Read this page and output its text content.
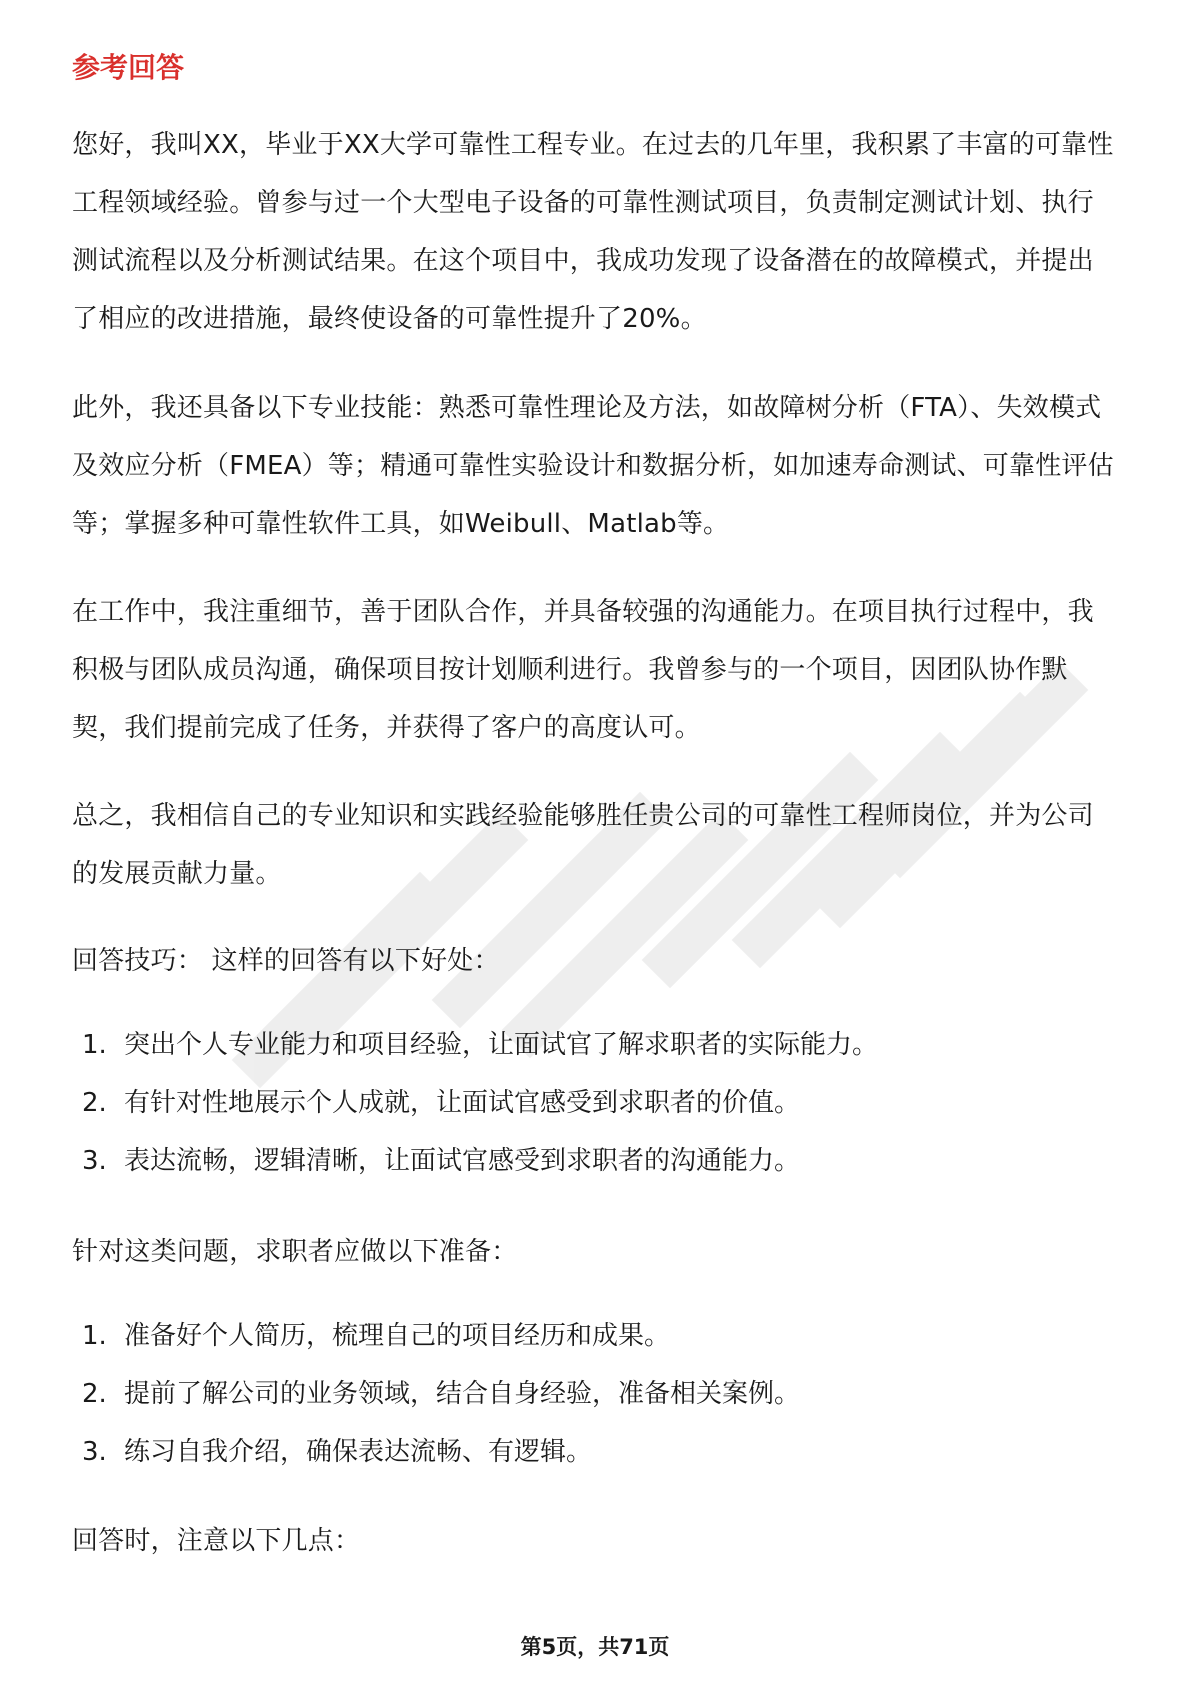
参考回答

您好，我叫XX，毕业于XX大学可靠性工程专业。在过去的几年里，我积累了丰富的可靠性工程领域经验。曾参与过一个大型电子设备的可靠性测试项目，负责制定测试计划、执行测试流程以及分析测试结果。在这个项目中，我成功发现了设备潜在的故障模式，并提出了相应的改进措施，最终使设备的可靠性提升了20%。

此外，我还具备以下专业技能：熟悉可靠性理论及方法，如故障树分析（FTA）、失效模式及效应分析（FMEA）等；精通可靠性实验设计和数据分析，如加速寿命测试、可靠性评估等；掌握多种可靠性软件工具，如Weibull、Matlab等。

在工作中，我注重细节，善于团队合作，并具备较强的沟通能力。在项目执行过程中，我积极与团队成员沟通，确保项目按计划顺利进行。我曾参与的一个项目，因团队协作默契，我们提前完成了任务，并获得了客户的高度认可。

总之，我相信自己的专业知识和实践经验能够胜任贵公司的可靠性工程师岗位，并为公司的发展贡献力量。

回答技巧： 这样的回答有以下好处：

1. 突出个人专业能力和项目经验，让面试官了解求职者的实际能力。
2. 有针对性地展示个人成就，让面试官感受到求职者的价值。
3. 表达流畅，逻辑清晰，让面试官感受到求职者的沟通能力。

针对这类问题，求职者应做以下准备：

1. 准备好个人简历，梳理自己的项目经历和成果。
2. 提前了解公司的业务领域，结合自身经验，准备相关案例。
3. 练习自我介绍，确保表达流畅、有逻辑。

回答时，注意以下几点：

第5页，共71页
